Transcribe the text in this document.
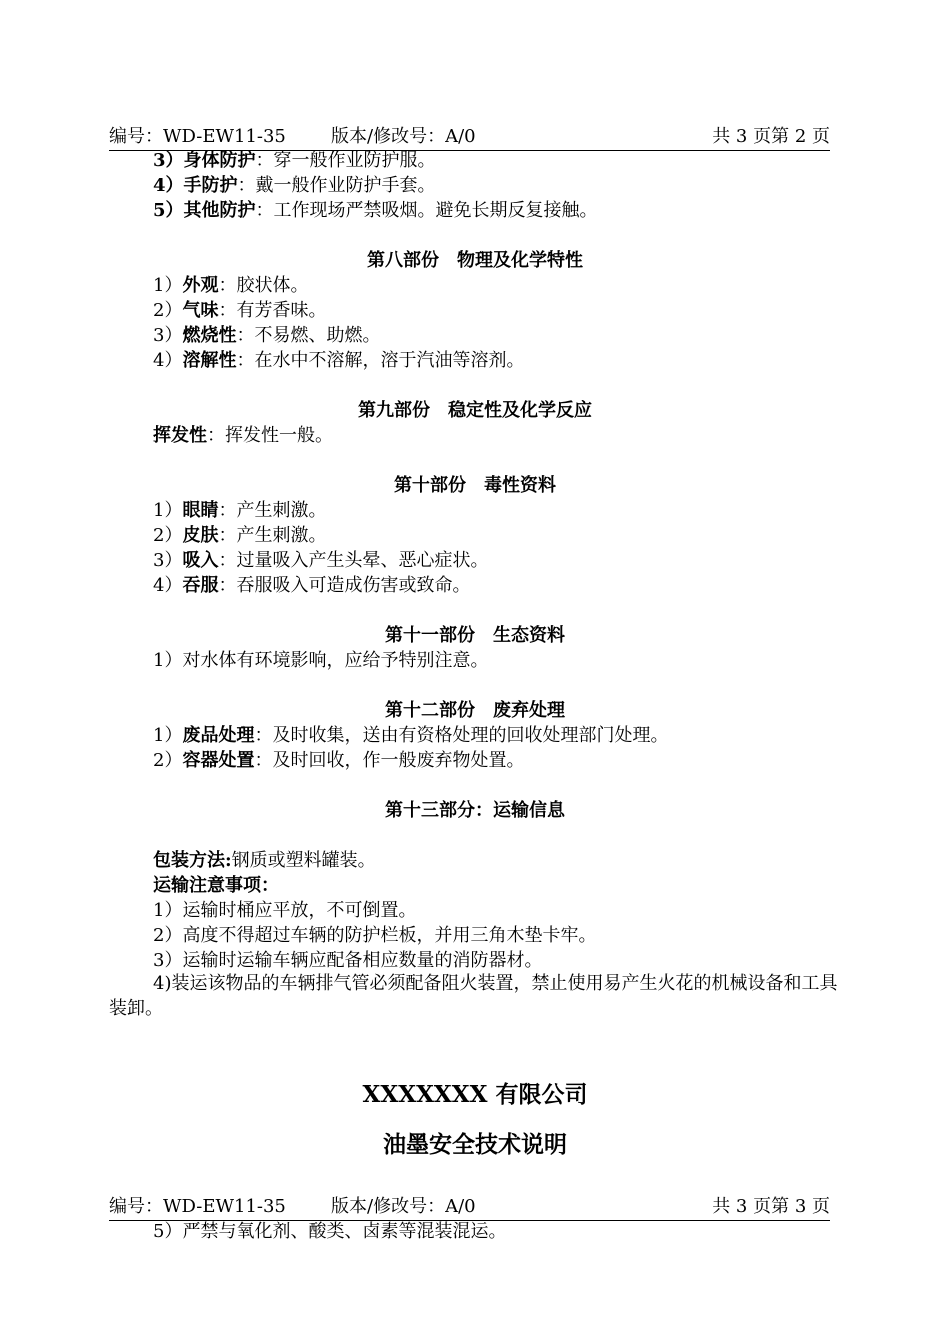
编号：WD-EW11-35	版本/修改号：A/0	共 3 页第 2 页
3）身体防护：穿一般作业防护服。
4）手防护：戴一般作业防护手套。
5）其他防护：工作现场严禁吸烟。避免长期反复接触。
第八部份　物理及化学特性
1）外观：胶状体。
2）气味：有芳香味。
3）燃烧性：不易燃、助燃。
4）溶解性：在水中不溶解，溶于汽油等溶剂。
第九部份　稳定性及化学反应
挥发性：挥发性一般。
第十部份　毒性资料
1）眼睛：产生刺激。
2）皮肤：产生刺激。
3）吸入：过量吸入产生头晕、恶心症状。
4）吞服：吞服吸入可造成伤害或致命。
第十一部份　生态资料
1）对水体有环境影响，应给予特别注意。
第十二部份　废弃处理
1）废品处理：及时收集，送由有资格处理的回收处理部门处理。
2）容器处置：及时回收，作一般废弃物处置。
第十三部分：运输信息
包装方法:钢质或塑料罐装。
运输注意事项：
1）运输时桶应平放，不可倒置。
2）高度不得超过车辆的防护栏板，并用三角木垫卡牢。
3）运输时运输车辆应配备相应数量的消防器材。
4)装运该物品的车辆排气管必须配备阻火装置，禁止使用易产生火花的机械设备和工具装卸。
XXXXXXX 有限公司
油墨安全技术说明
编号：WD-EW11-35	版本/修改号：A/0	共 3 页第 3 页
5）严禁与氧化剂、酸类、卤素等混装混运。
